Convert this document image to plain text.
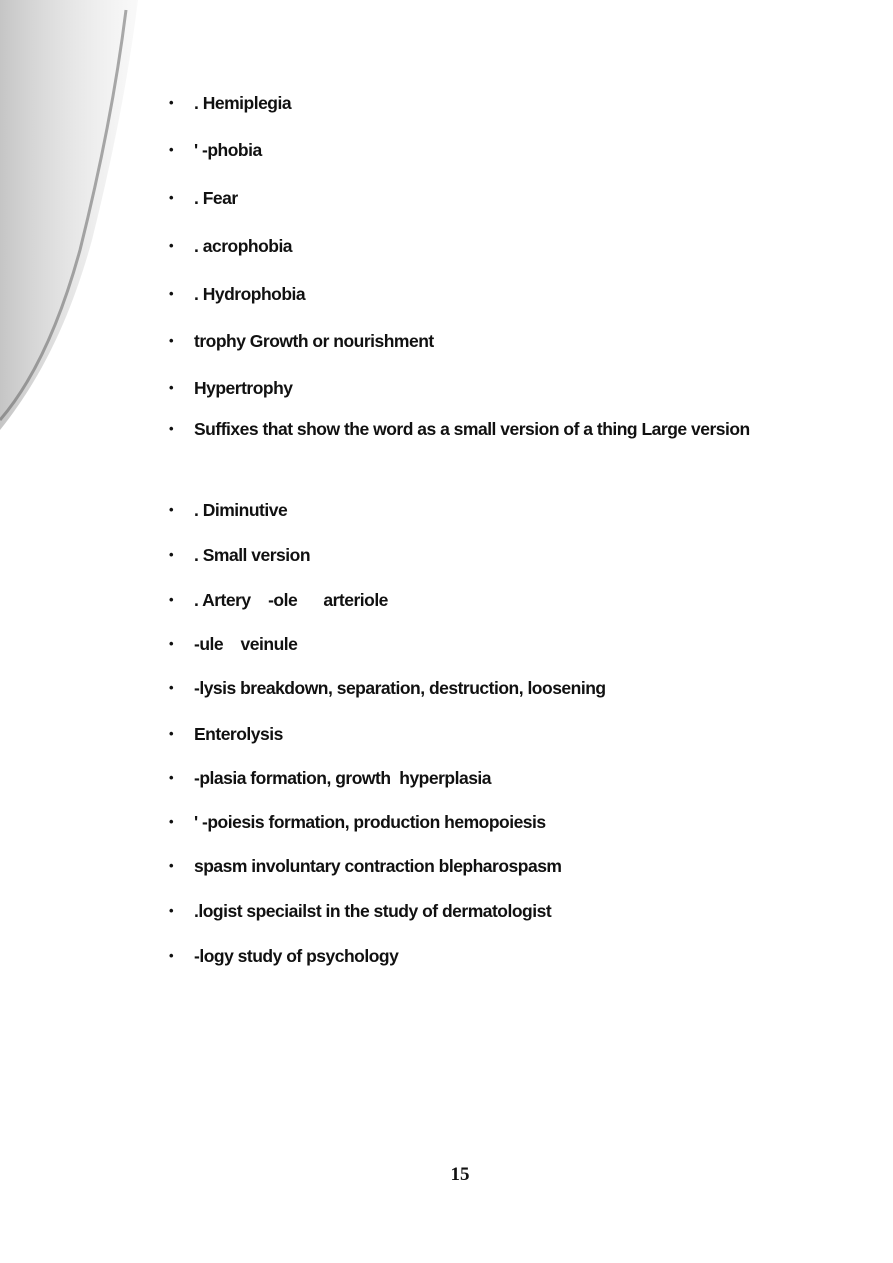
• . Hemiplegia
• ' -phobia
• . Fear
• . acrophobia
• . Hydrophobia
• trophy Growth or nourishment
• Hypertrophy
• Suffixes that show the word as a small version of a thing Large version
• . Diminutive
• . Small version
• . Artery    -ole      arteriole
• -ule    veinule
• -lysis breakdown, separation, destruction, loosening
• Enterolysis
• -plasia formation, growth  hyperplasia
• ' -poiesis formation, production hemopoiesis
• spasm involuntary contraction blepharospasm
• .logist speciailst in the study of dermatologist
• -logy study of psychology
15
